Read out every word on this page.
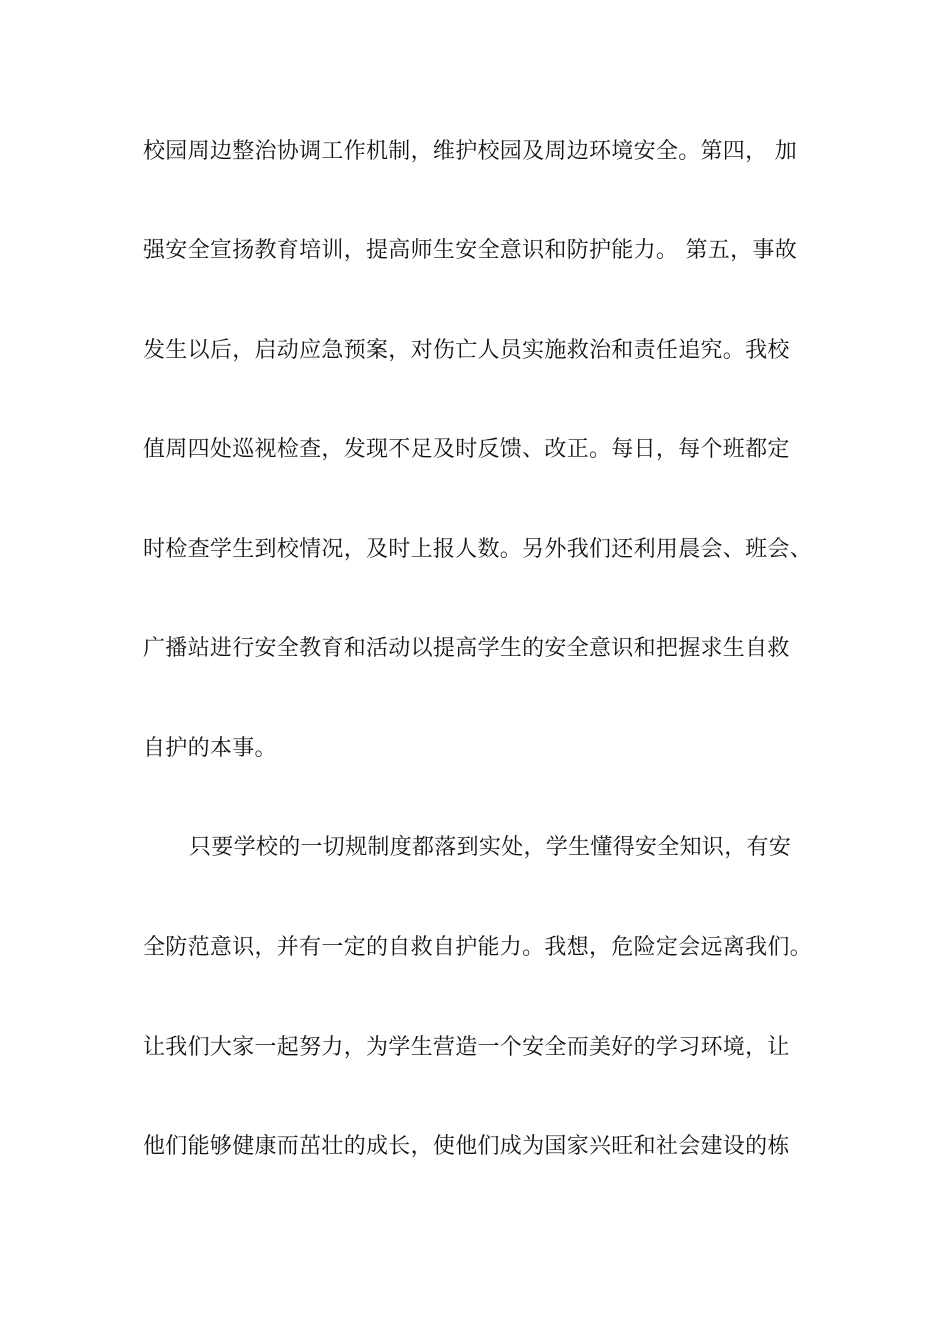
校园周边整治协调工作机制，维护校园及周边环境安全。第四， 加
强安全宣扬教育培训，提高师生安全意识和防护能力。 第五，事故
发生以后，启动应急预案，对伤亡人员实施救治和责任追究。我校
值周四处巡视检查，发现不足及时反馈、改正。每日，每个班都定
时检查学生到校情况，及时上报人数。另外我们还利用晨会、班会、
广播站进行安全教育和活动以提高学生的安全意识和把握求生自救
自护的本事。
只要学校的一切规制度都落到实处，学生懂得安全知识，有安
全防范意识，并有一定的自救自护能力。我想，危险定会远离我们。
让我们大家一起努力，为学生营造一个安全而美好的学习环境，让
他们能够健康而茁壮的成长，使他们成为国家兴旺和社会建设的栋
